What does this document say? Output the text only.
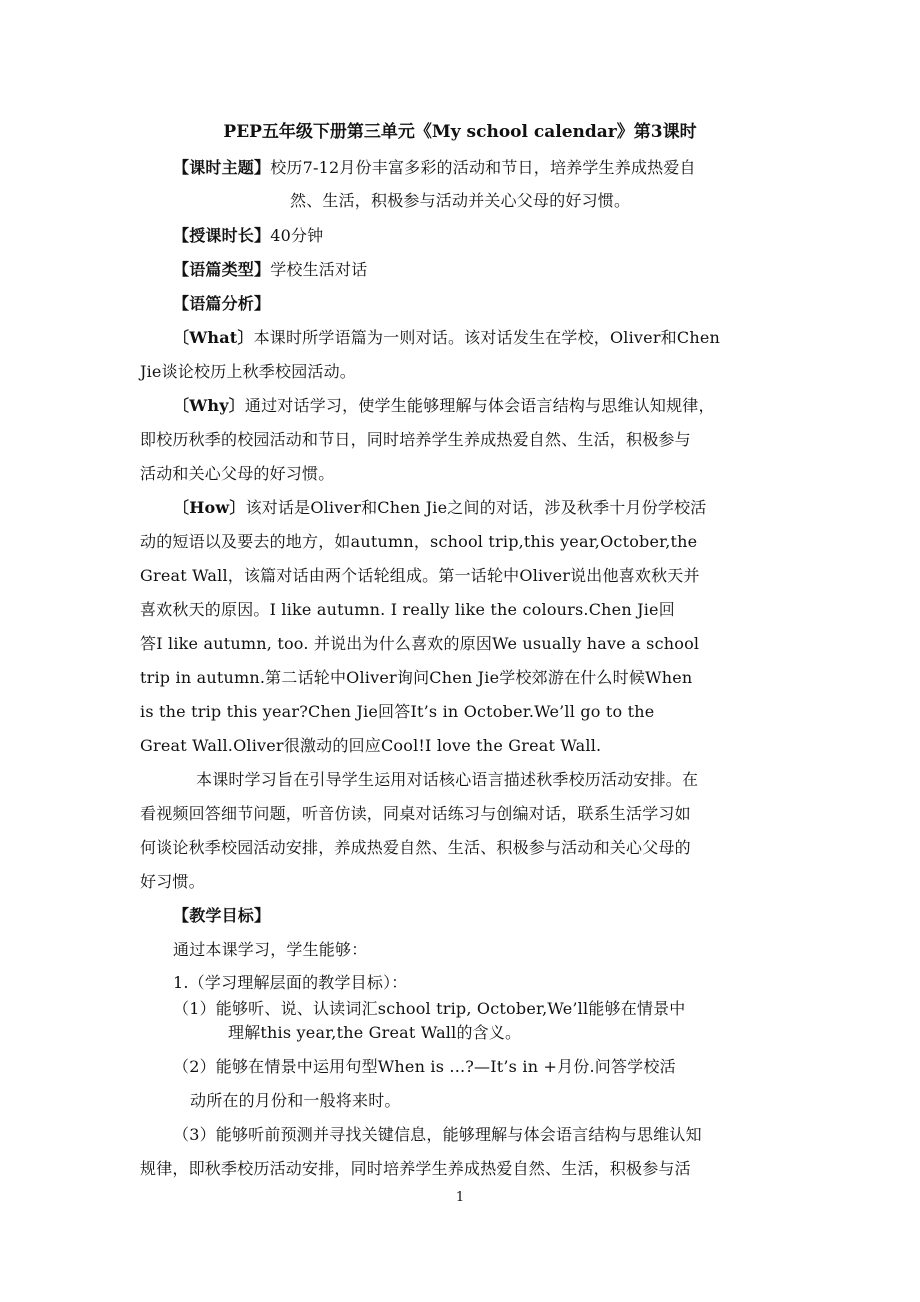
PEP五年级下册第三单元《My school calendar》第3课时
【课时主题】校历7-12月份丰富多彩的活动和节日，培养学生养成热爱自
然、生活，积极参与活动并关心父母的好习惯。
【授课时长】40分钟
【语篇类型】学校生活对话
【语篇分析】
〔What〕本课时所学语篇为一则对话。该对话发生在学校，Oliver和Chen
Jie谈论校历上秋季校园活动。
〔Why〕通过对话学习，使学生能够理解与体会语言结构与思维认知规律，
即校历秋季的校园活动和节日，同时培养学生养成热爱自然、生活，积极参与
活动和关心父母的好习惯。
〔How〕该对话是Oliver和Chen Jie之间的对话，涉及秋季十月份学校活
动的短语以及要去的地方，如autumn，school trip,this year,October,the
Great Wall，该篇对话由两个话轮组成。第一话轮中Oliver说出他喜欢秋天并
喜欢秋天的原因。I like autumn. I really like the colours.Chen Jie回
答I like autumn, too. 并说出为什么喜欢的原因We usually have a school
trip in autumn.第二话轮中Oliver询问Chen Jie学校郊游在什么时候When
is the trip this year?Chen Jie回答It’s in October.We’ll go to the
Great Wall.Oliver很激动的回应Cool!I love the Great Wall.
本课时学习旨在引导学生运用对话核心语言描述秋季校历活动安排。在
看视频回答细节问题，听音仿读，同桌对话练习与创编对话，联系生活学习如
何谈论秋季校园活动安排，养成热爱自然、生活、积极参与活动和关心父母的
好习惯。
【教学目标】
通过本课学习，学生能够：
1.（学习理解层面的教学目标）：
（1）能够听、说、认读词汇school trip, October,We’ll能够在情景中
理解this year,the Great Wall的含义。
（2）能够在情景中运用句型When is ...?—It’s in +月份.问答学校活
动所在的月份和一般将来时。
（3）能够听前预测并寻找关键信息，能够理解与体会语言结构与思维认知
规律，即秋季校历活动安排，同时培养学生养成热爱自然、生活，积极参与活
1
